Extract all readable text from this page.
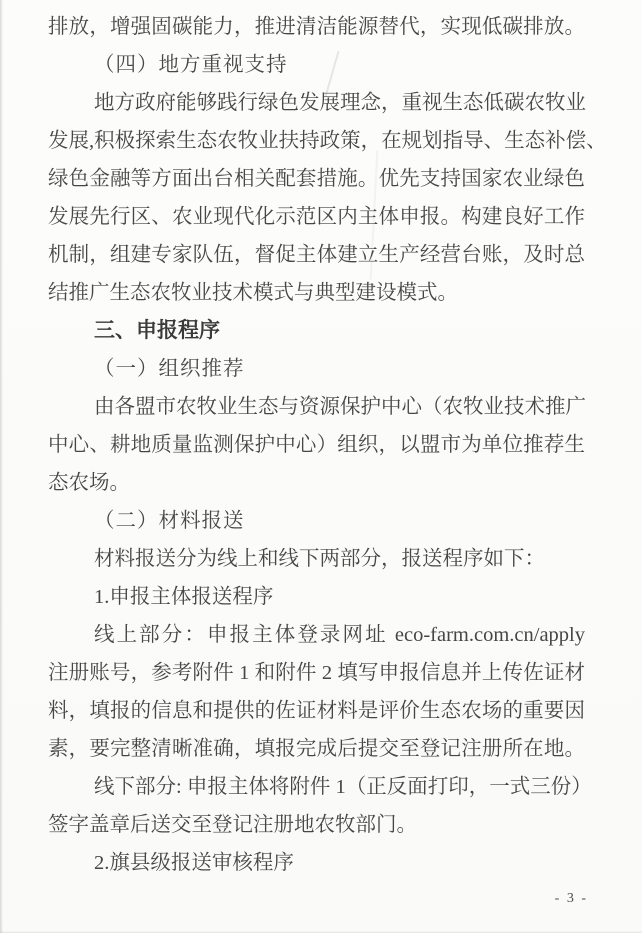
排放，增强固碳能力，推进清洁能源替代，实现低碳排放。
（四）地方重视支持
地方政府能够践行绿色发展理念，重视生态低碳农牧业
发展,积极探索生态农牧业扶持政策，在规划指导、生态补偿、
绿色金融等方面出台相关配套措施。优先支持国家农业绿色
发展先行区、农业现代化示范区内主体申报。构建良好工作
机制，组建专家队伍，督促主体建立生产经营台账，及时总
结推广生态农牧业技术模式与典型建设模式。
三、申报程序
（一）组织推荐
由各盟市农牧业生态与资源保护中心（农牧业技术推广
中心、耕地质量监测保护中心）组织，以盟市为单位推荐生
态农场。
（二）材料报送
材料报送分为线上和线下两部分，报送程序如下：
1.申报主体报送程序
线上部分：申报主体登录网址 eco-farm.com.cn/apply
注册账号，参考附件 1 和附件 2 填写申报信息并上传佐证材
料，填报的信息和提供的佐证材料是评价生态农场的重要因
素，要完整清晰准确，填报完成后提交至登记注册所在地。
线下部分: 申报主体将附件 1（正反面打印，一式三份）
签字盖章后送交至登记注册地农牧部门。
2.旗县级报送审核程序
- 3 -
